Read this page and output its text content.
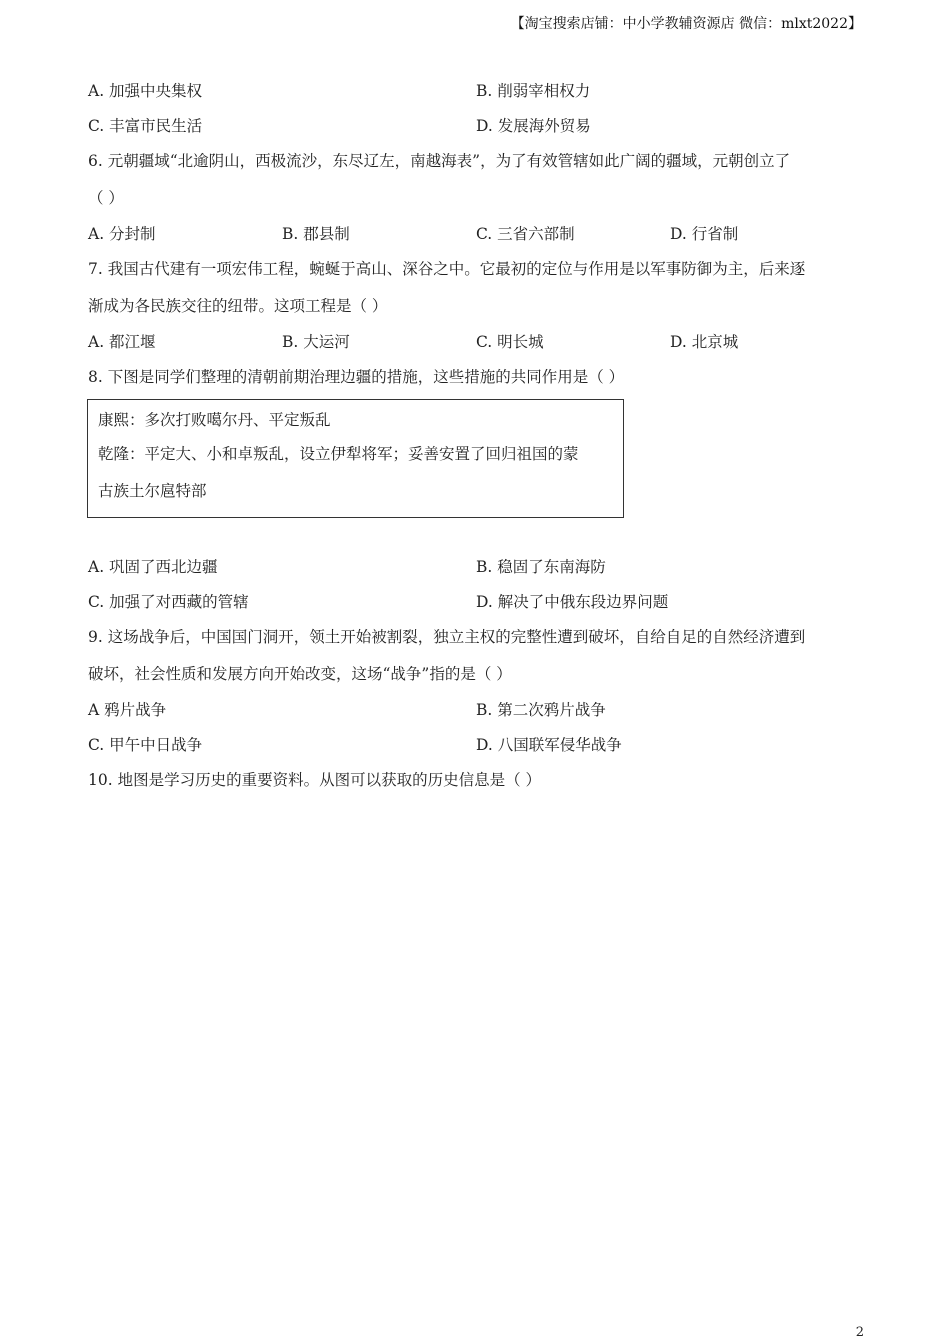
【淘宝搜索店铺：中小学教辅资源店 微信：mlxt2022】
A. 加强中央集权	B. 削弱宰相权力
C. 丰富市民生活	D. 发展海外贸易
6. 元朝疆域“北逾阴山，西极流沙，东尽辽左，南越海表”，为了有效管辖如此广阔的疆域，元朝创立了
（ ）
A. 分封制	B. 郡县制	C. 三省六部制	D. 行省制
7. 我国古代建有一项宏伟工程，蜿蜒于高山、深谷之中。它最初的定位与作用是以军事防御为主，后来逐
渐成为各民族交往的纽带。这项工程是（ ）
A. 都江堰	B. 大运河	C. 明长城	D. 北京城
8. 下图是同学们整理的清朝前期治理边疆的措施，这些措施的共同作用是（ ）
康熙：多次打败噶尔丹、平定叛乱
乾隆：平定大、小和卓叛乱，设立伊犁将军；妥善安置了回归祖国的蒙
古族土尔扈特部
A. 巩固了西北边疆	B. 稳固了东南海防
C. 加强了对西藏的管辖	D. 解决了中俄东段边界问题
9. 这场战争后，中国国门洞开，领土开始被割裂，独立主权的完整性遭到破坏，自给自足的自然经济遭到
破坏，社会性质和发展方向开始改变，这场“战争”指的是（ ）
A 鸦片战争	B. 第二次鸦片战争
C. 甲午中日战争	D. 八国联军侵华战争
10. 地图是学习历史的重要资料。从图可以获取的历史信息是（ ）
2
